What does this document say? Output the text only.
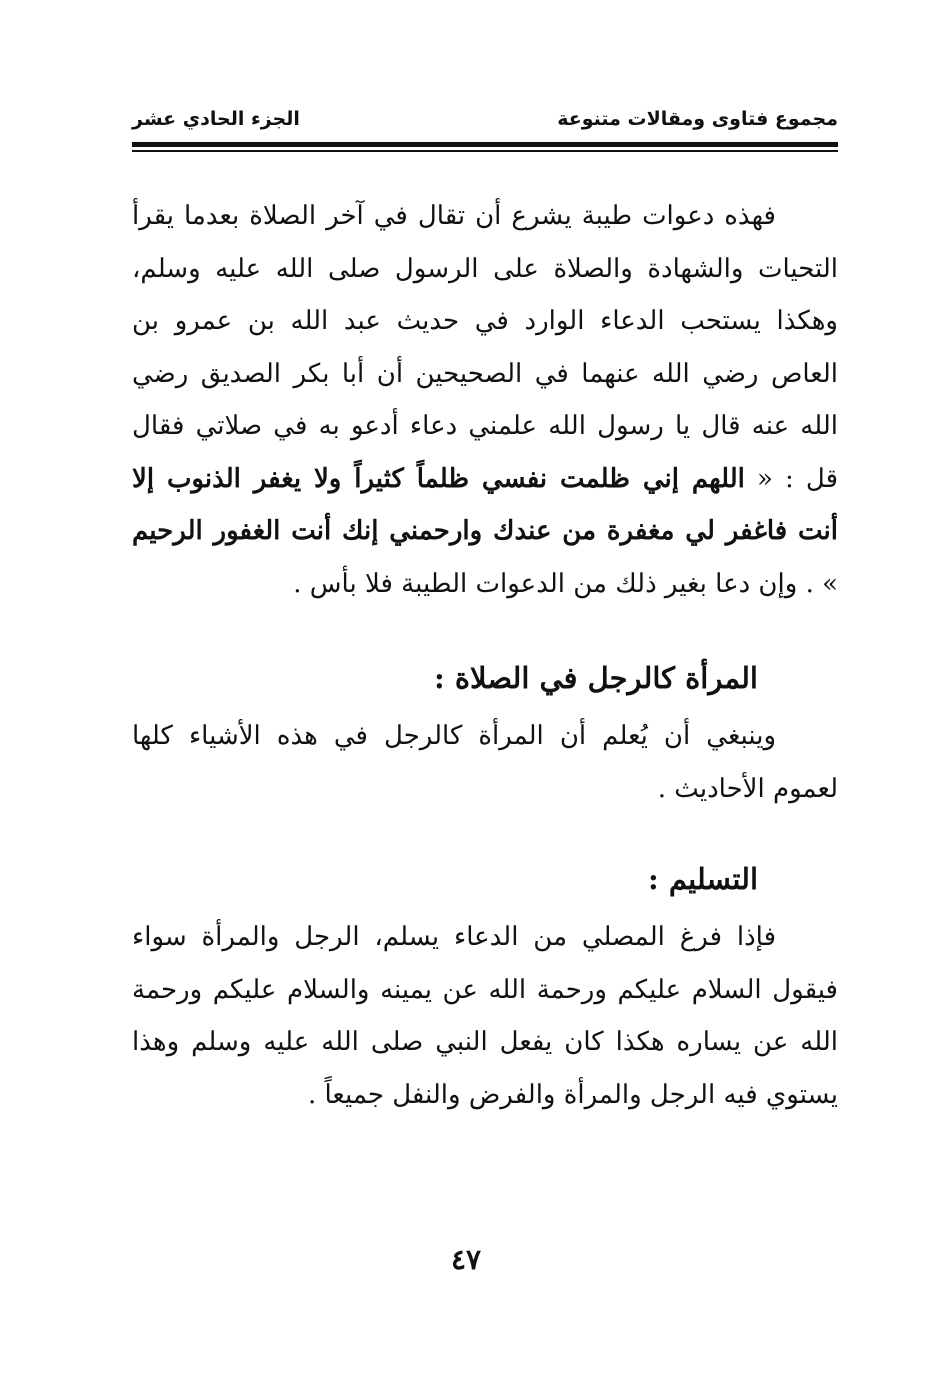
مجموع فتاوى ومقالات متنوعة
الجزء الحادي عشر

فهذه دعوات طيبة يشرع أن تقال في آخر الصلاة بعدما يقرأ التحيات والشهادة والصلاة على الرسول صلى الله عليه وسلم، وهكذا يستحب الدعاء الوارد في حديث عبد الله بن عمرو بن العاص رضي الله عنهما في الصحيحين أن أبا بكر الصديق رضي الله عنه قال يا رسول الله علمني دعاء أدعو به في صلاتي فقال قل : « اللهم إني ظلمت نفسي ظلماً كثيراً ولا يغفر الذنوب إلا أنت فاغفر لي مغفرة من عندك وارحمني إنك أنت الغفور الرحيم » . وإن دعا بغير ذلك من الدعوات الطيبة فلا بأس .

المرأة كالرجل في الصلاة :

وينبغي أن يُعلم أن المرأة كالرجل في هذه الأشياء كلها لعموم الأحاديث .

التسليم :

فإذا فرغ المصلي من الدعاء يسلم، الرجل والمرأة سواء فيقول السلام عليكم ورحمة الله عن يمينه والسلام عليكم ورحمة الله عن يساره هكذا كان يفعل النبي صلى الله عليه وسلم وهذا يستوي فيه الرجل والمرأة والفرض والنفل جميعاً .

٤٧
